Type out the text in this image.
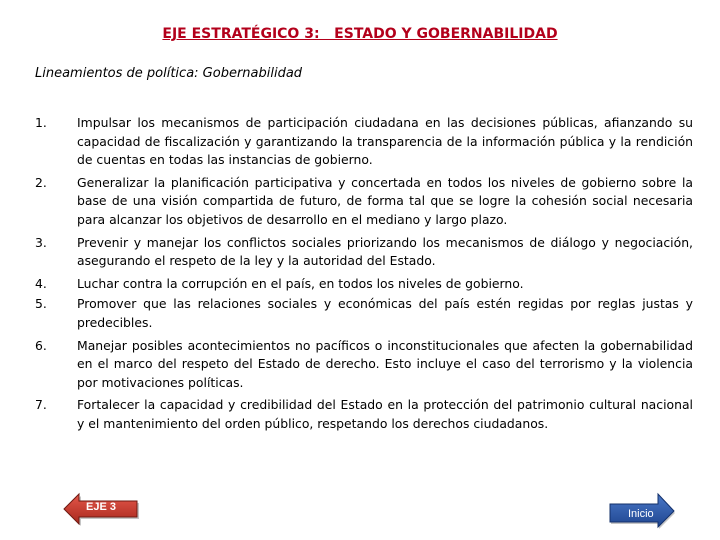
EJE ESTRATÉGICO 3:   ESTADO Y GOBERNABILIDAD
Lineamientos de política: Gobernabilidad
1.	Impulsar los mecanismos de participación ciudadana en las decisiones públicas, afianzando su capacidad de fiscalización y garantizando la transparencia de la información pública y la rendición de cuentas en todas las instancias de gobierno.
2.	Generalizar la planificación participativa y concertada en todos los niveles de gobierno sobre la base de una visión compartida de futuro, de forma tal que se logre la cohesión social necesaria para alcanzar los objetivos de desarrollo en el mediano y largo plazo.
3.	Prevenir y manejar los conflictos sociales priorizando los mecanismos de diálogo y negociación, asegurando el respeto de la ley y la autoridad del Estado.
4.	Luchar contra la corrupción en el país, en todos los niveles de gobierno.
5.	Promover que las relaciones sociales y económicas del país estén regidas por reglas justas y predecibles.
6.	Manejar posibles acontecimientos no pacíficos o inconstitucionales que afecten la gobernabilidad en el marco del respeto del Estado de derecho. Esto incluye el caso del terrorismo y la violencia por motivaciones políticas.
7.	Fortalecer la capacidad y credibilidad del Estado en la protección del patrimonio cultural nacional y el mantenimiento del orden público, respetando los derechos ciudadanos.
EJE 3
Inicio
